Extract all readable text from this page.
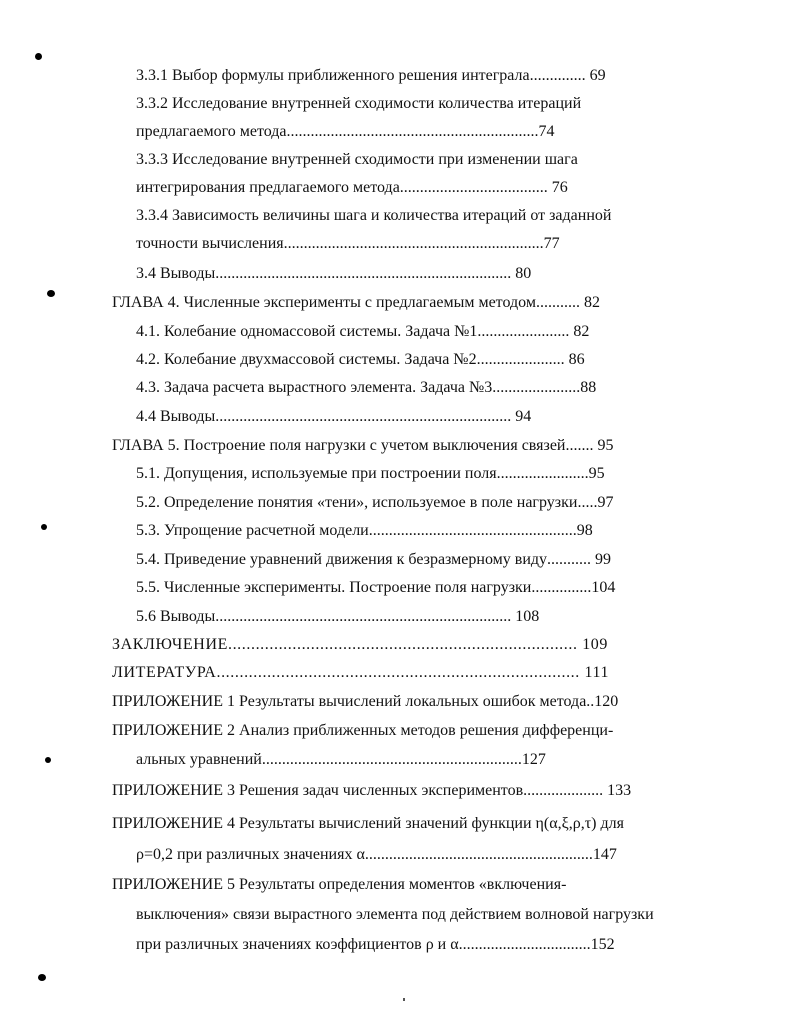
3.3.1 Выбор формулы приближенного решения интеграла.............. 69
3.3.2 Исследование внутренней сходимости количества итераций
предлагаемого метода...............................................................74
3.3.3 Исследование внутренней сходимости при изменении шага
интегрирования предлагаемого метода..................................... 76
3.3.4 Зависимость величины шага и количества итераций от заданной
точности вычисления.................................................................77
3.4 Выводы.......................................................................... 80
ГЛАВА 4. Численные эксперименты с предлагаемым методом........... 82
4.1. Колебание одномассовой системы. Задача №1....................... 82
4.2. Колебание двухмассовой системы. Задача №2...................... 86
4.3. Задача расчета вырастного элемента. Задача №3......................88
4.4 Выводы.......................................................................... 94
ГЛАВА 5. Построение поля нагрузки с учетом выключения связей....... 95
5.1. Допущения, используемые при построении поля.......................95
5.2. Определение понятия «тени», используемое в поле нагрузки.....97
5.3. Упрощение расчетной модели....................................................98
5.4. Приведение уравнений движения к безразмерному виду........... 99
5.5. Численные эксперименты. Построение поля нагрузки...............104
5.6 Выводы.......................................................................... 108
ЗАКЛЮЧЕНИЕ............................................................................ 109
ЛИТЕРАТУРА............................................................................... 111
ПРИЛОЖЕНИЕ 1 Результаты вычислений локальных ошибок метода..120
ПРИЛОЖЕНИЕ 2 Анализ приближенных методов решения дифференци-
альных уравнений.................................................................127
ПРИЛОЖЕНИЕ 3 Решения задач численных экспериментов.................... 133
ПРИЛОЖЕНИЕ 4 Результаты вычислений значений функции η(α,ξ,ρ,τ) для
ρ=0,2 при различных значениях α.........................................................147
ПРИЛОЖЕНИЕ 5 Результаты определения моментов «включения-
выключения» связи вырастного элемента под действием волновой нагрузки
при различных значениях коэффициентов ρ и α.................................152
